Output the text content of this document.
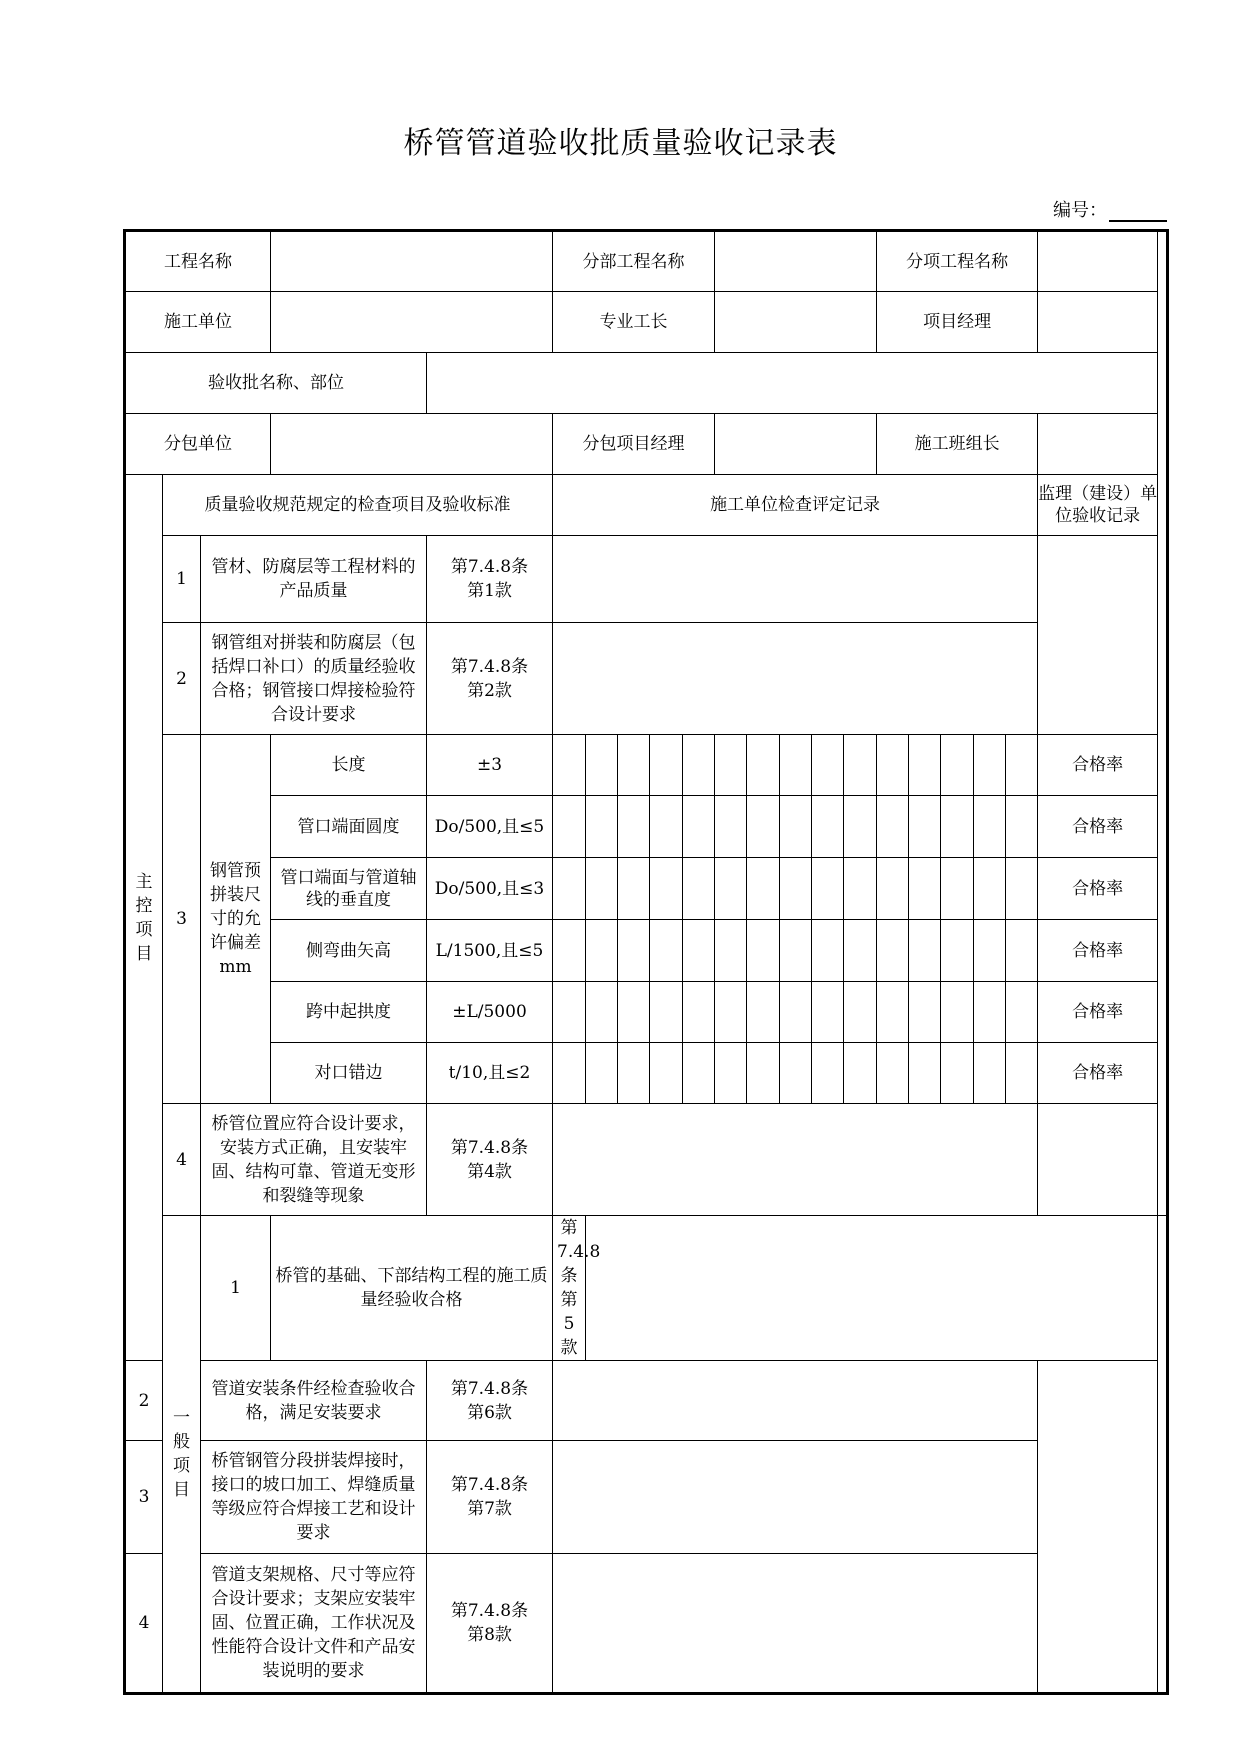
桥管管道验收批质量验收记录表
编号：
工程名称					分部工程名称										分项工程名称						
施工单位					专业工长										项目经理						
验收批名称、部位																					
分包单位					分包项目经理										施工班组长						
主控项目	质量验收规范规定的检查项目及验收标准				施工单位检查评定记录															监理（建设）单位验收记录	
	1	管材、防腐层等工程材料的产品质量		第7.4.8条
第1款																	
	2	钢管组对拼装和防腐层（包括焊口补口）的质量经验收合格；钢管接口焊接检验符合设计要求		第7.4.8条
第2款																	
	3	钢管预拼装尺寸的允许偏差
mm	长度	±3																合格率	
			管口端面圆度	Do/500,且≤5																合格率	
			管口端面与管道轴线的垂直度	Do/500,且≤3																合格率	
			侧弯曲矢高	L/1500,且≤5																合格率	
			跨中起拱度	±L/5000																合格率	
			对口错边	t/10,且≤2																合格率	
	4	桥管位置应符合设计要求，安装方式正确，且安装牢固、结构可靠、管道无变形和裂缝等现象		第7.4.8条
第4款																	
	一般项目	1	桥管的基础、下部结构工程的施工质量经验收合格		第7.4.8条
第5款																
2		管道安装条件经检查验收合格，满足安装要求		第7.4.8条
第6款																	
3		桥管钢管分段拼装焊接时，接口的坡口加工、焊缝质量等级应符合焊接工艺和设计要求		第7.4.8条
第7款																	
4		管道支架规格、尺寸等应符合设计要求；支架应安装牢固、位置正确，工作状况及性能符合设计文件和产品安装说明的要求		第7.4.8条
第8款																	
